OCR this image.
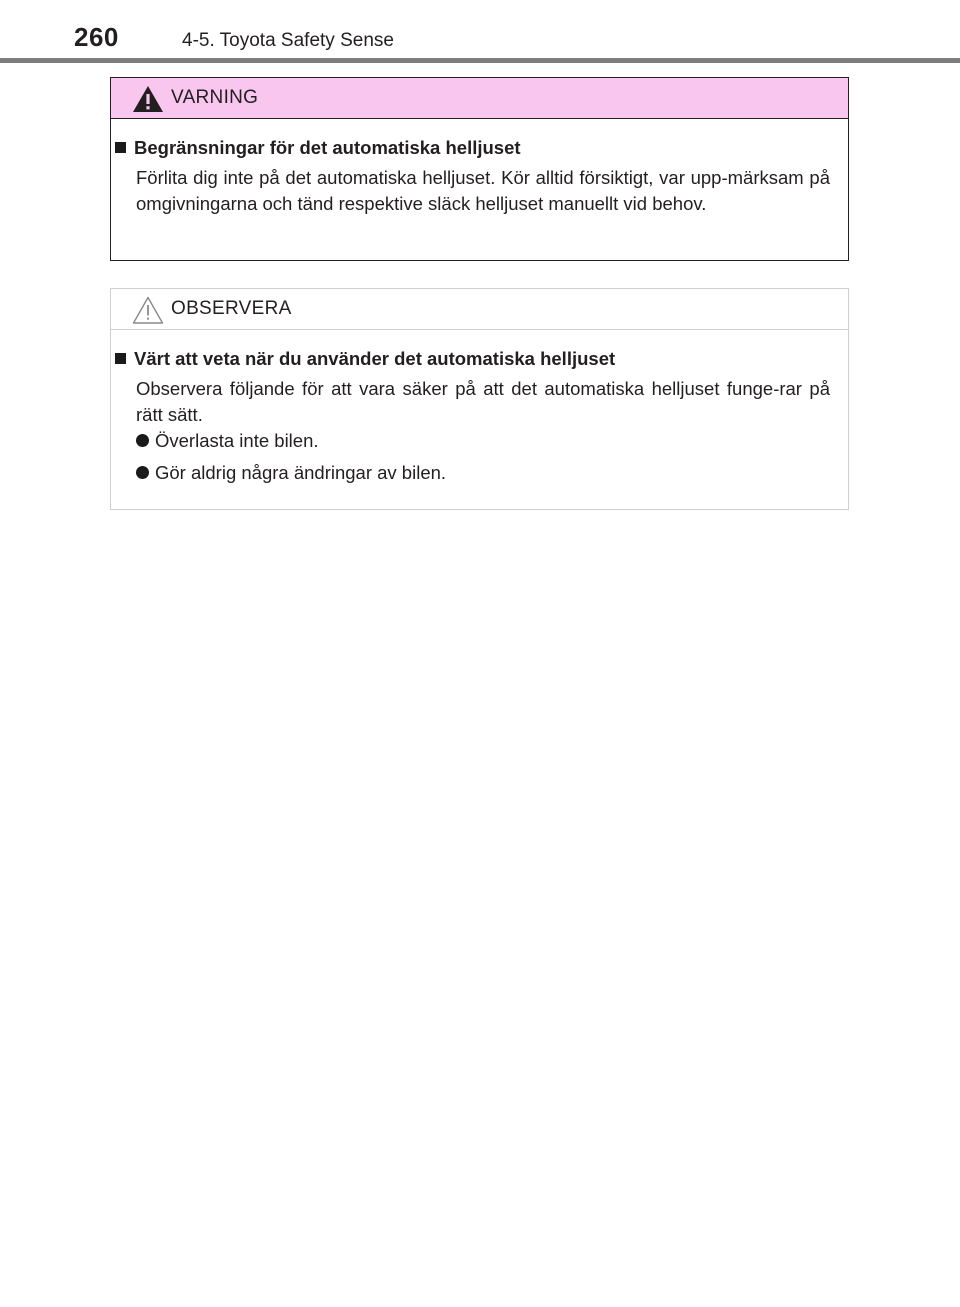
260	4-5. Toyota Safety Sense
VARNING
Begränsningar för det automatiska helljuset
Förlita dig inte på det automatiska helljuset. Kör alltid försiktigt, var upp-märksam på omgivningarna och tänd respektive släck helljuset manuellt vid behov.
OBSERVERA
Värt att veta när du använder det automatiska helljuset
Observera följande för att vara säker på att det automatiska helljuset funge-rar på rätt sätt.
Överlasta inte bilen.
Gör aldrig några ändringar av bilen.
